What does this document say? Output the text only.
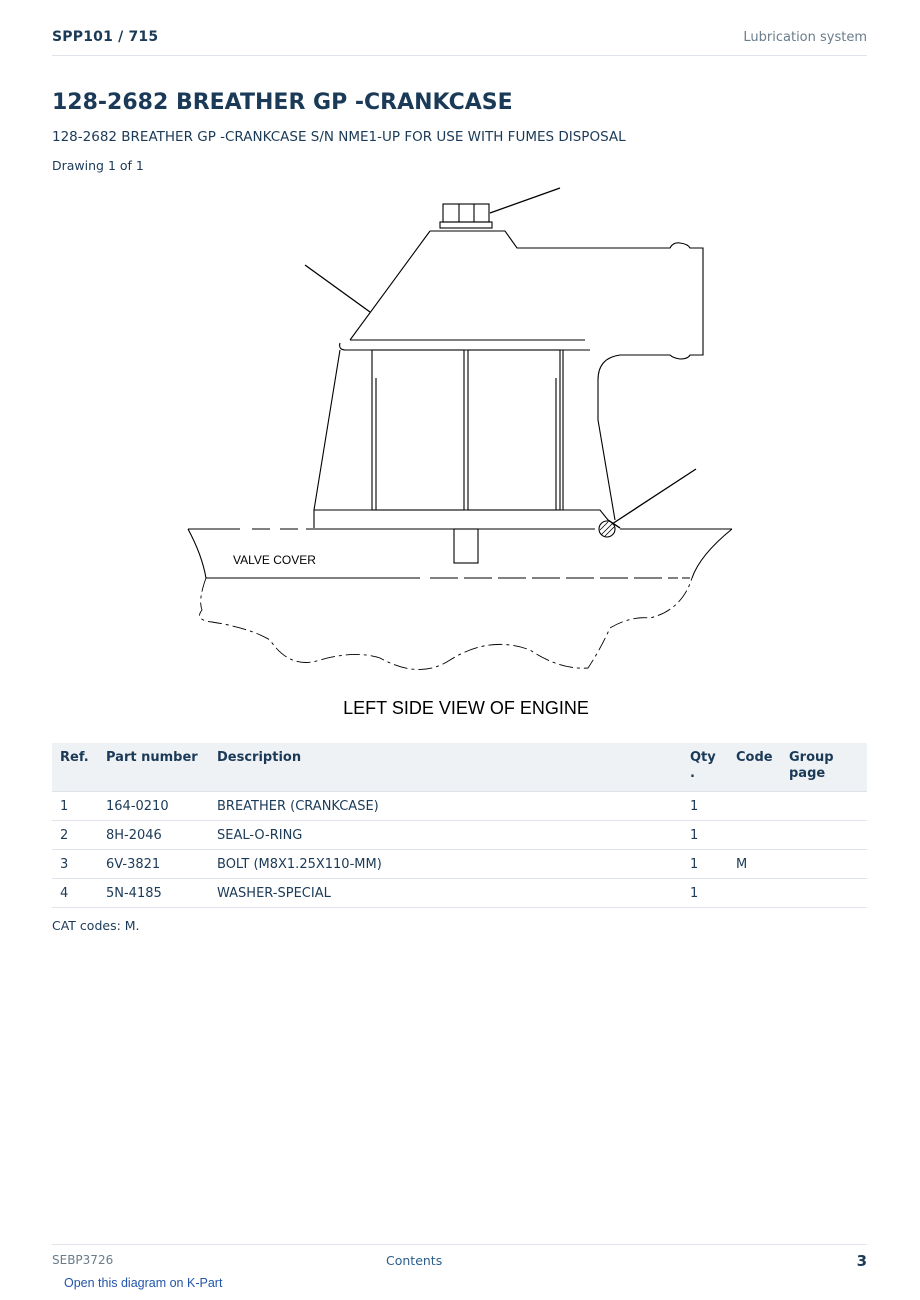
SPP101 / 715	Lubrication system
128-2682 BREATHER GP -CRANKCASE
128-2682 BREATHER GP -CRANKCASE S/N NME1-UP FOR USE WITH FUMES DISPOSAL
Drawing 1 of 1
VALVE COVER
LEFT SIDE VIEW OF ENGINE
Ref.	Part number	Description	Qty .	Code	Group page
1	164-0210	BREATHER (CRANKCASE)	1		
2	8H-2046	SEAL-O-RING	1		
3	6V-3821	BOLT (M8X1.25X110-MM)	1	M	
4	5N-4185	WASHER-SPECIAL	1		
CAT codes: M.
SEBP3726	Contents	3
Open this diagram on K-Part
